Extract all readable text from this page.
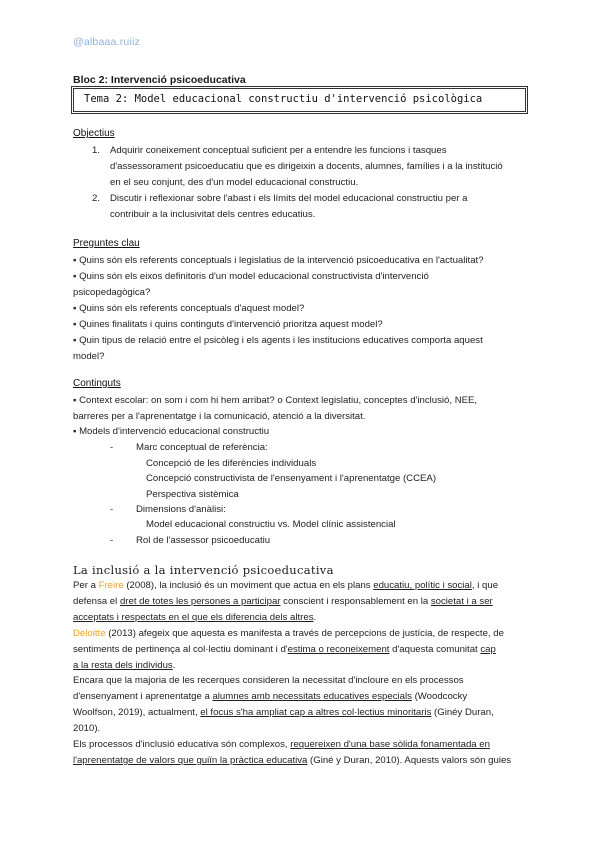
@albaaa.ruiiz
Bloc 2: Intervenció psicoeducativa
Tema 2: Model educacional constructiu d'intervenció psicològica
Objectius
1. Adquirir coneixement conceptual suficient per a entendre les funcions i tasques
d'assessorament psicoeducatiu que es dirigeixin a docents, alumnes, famílies i a la institució
en el seu conjunt, des d'un model educacional constructiu.
2. Discutir i reflexionar sobre l'abast i els límits del model educacional constructiu per a
contribuir a la inclusivitat dels centres educatius.
Preguntes clau
▪ Quins són els referents conceptuals i legislatius de la intervenció psicoeducativa en l'actualitat?
▪ Quins són els eixos definitoris d'un model educacional constructivista d'intervenció
psicopedagògica?
▪ Quins són els referents conceptuals d'aquest model?
▪ Quines finalitats i quins continguts d'intervenció prioritza aquest model?
▪ Quin tipus de relació entre el psicòleg i els agents i les institucions educatives comporta aquest
model?
Continguts
▪ Context escolar: on som i com hi hem arribat? o Context legislatiu, conceptes d'inclusió, NEE,
barreres per a l'aprenentatge i la comunicació, atenció a la diversitat.
▪ Models d'intervenció educacional constructiu
- Marc conceptual de referència:
Concepció de les diferències individuals
Concepció constructivista de l'ensenyament i l'aprenentatge (CCEA)
Perspectiva sistèmica
- Dimensions d'anàlisi:
Model educacional constructiu vs. Model clínic assistencial
- Rol de l'assessor psicoeducatiu
La inclusió a la intervenció psicoeducativa
Per a Freire (2008), la inclusió és un moviment que actua en els plans educatiu, polític i social, i que
defensa el dret de totes les persones a participar conscient i responsablement en la societat i a ser
acceptats i respectats en el que els diferencia dels altres.
Deloitte (2013) afegeix que aquesta es manifesta a través de percepcions de justícia, de respecte, de
sentiments de pertinença al col·lectiu dominant i d'estima o reconeixement d'aquesta comunitat cap
a la resta dels individus.
Encara que la majoria de les recerques consideren la necessitat d'incloure en els processos
d'ensenyament i aprenentatge a alumnes amb necessitats educatives especials (Woodcocky
Woolfson, 2019), actualment, el focus s'ha ampliat cap a altres col·lectius minoritaris (Ginéy Duran,
2010).
Els processos d'inclusió educativa són complexos, requereixen d'una base sòlida fonamentada en
l'aprenentatge de valors que guiïn la pràctica educativa (Giné y Duran, 2010). Aquests valors són guies
